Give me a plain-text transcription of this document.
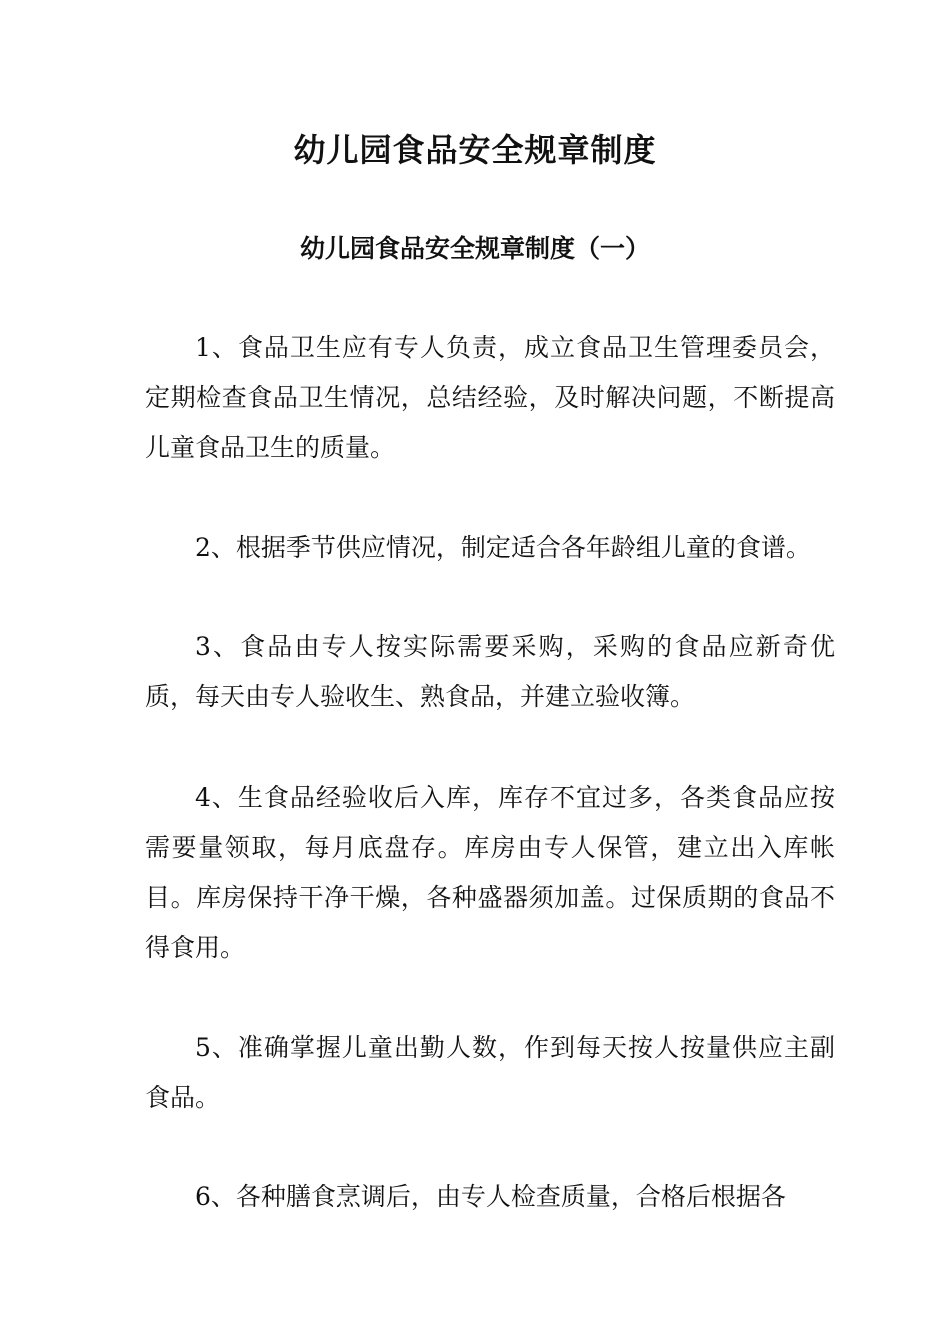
幼儿园食品安全规章制度
幼儿园食品安全规章制度（一）

1、食品卫生应有专人负责，成立食品卫生管理委员会，定期检查食品卫生情况，总结经验，及时解决问题，不断提高儿童食品卫生的质量。

2、根据季节供应情况，制定适合各年龄组儿童的食谱。

3、食品由专人按实际需要采购，采购的食品应新奇优质，每天由专人验收生、熟食品，并建立验收簿。

4、生食品经验收后入库，库存不宜过多，各类食品应按需要量领取，每月底盘存。库房由专人保管，建立出入库帐目。库房保持干净干燥，各种盛器须加盖。过保质期的食品不得食用。

5、准确掌握儿童出勤人数，作到每天按人按量供应主副食品。

6、各种膳食烹调后，由专人检查质量，合格后根据各
